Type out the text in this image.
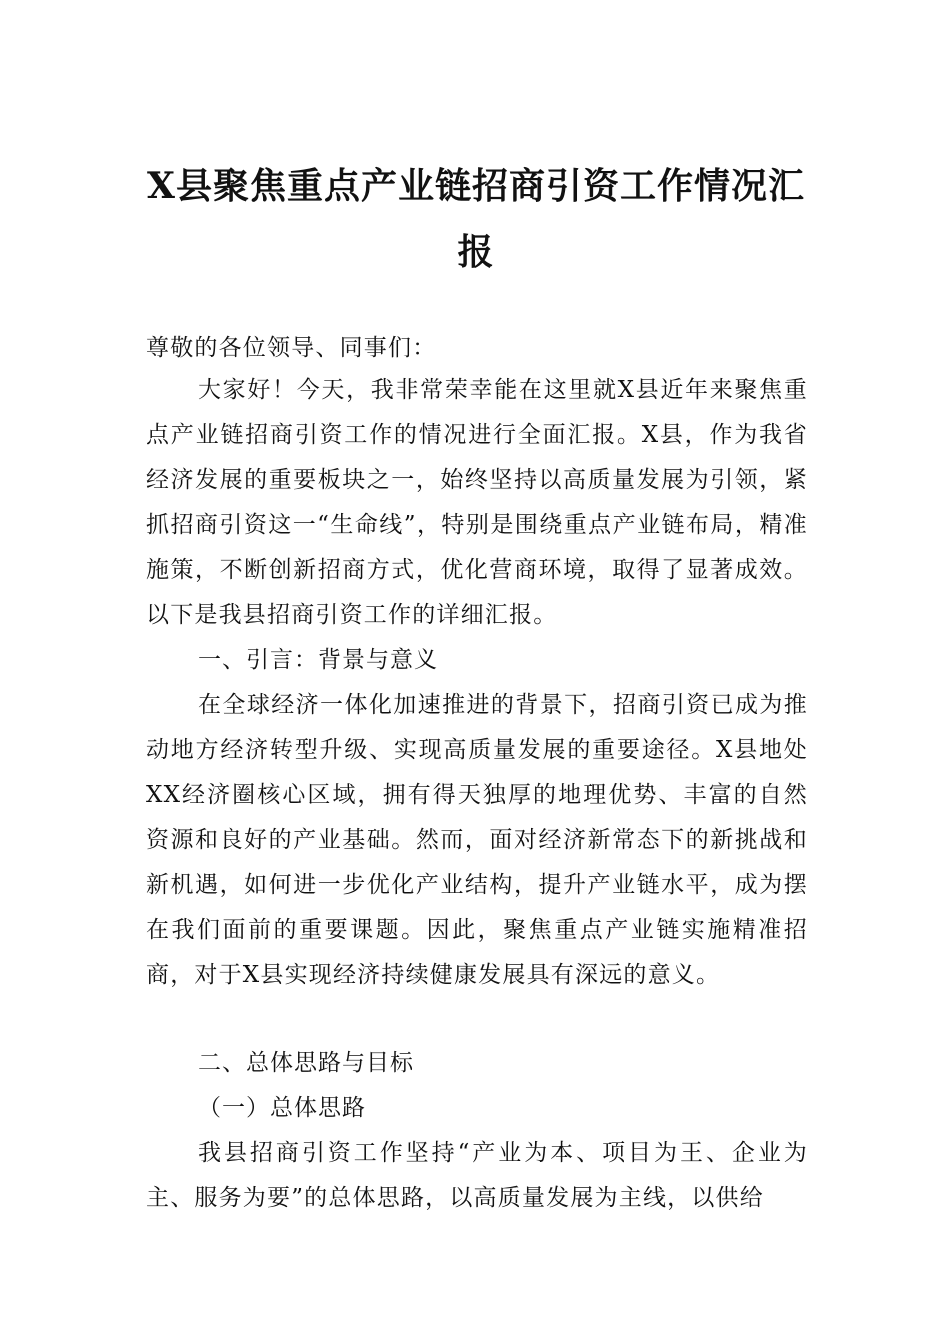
X县聚焦重点产业链招商引资工作情况汇
报

尊敬的各位领导、同事们：

大家好！今天，我非常荣幸能在这里就X县近年来聚焦重点产业链招商引资工作的情况进行全面汇报。X县，作为我省经济发展的重要板块之一，始终坚持以高质量发展为引领，紧抓招商引资这一“生命线”，特别是围绕重点产业链布局，精准施策，不断创新招商方式，优化营商环境，取得了显著成效。以下是我县招商引资工作的详细汇报。

一、引言：背景与意义

在全球经济一体化加速推进的背景下，招商引资已成为推动地方经济转型升级、实现高质量发展的重要途径。X县地处XX经济圈核心区域，拥有得天独厚的地理优势、丰富的自然资源和良好的产业基础。然而，面对经济新常态下的新挑战和新机遇，如何进一步优化产业结构，提升产业链水平，成为摆在我们面前的重要课题。因此，聚焦重点产业链实施精准招商，对于X县实现经济持续健康发展具有深远的意义。

二、总体思路与目标

（一）总体思路

我县招商引资工作坚持“产业为本、项目为王、企业为主、服务为要”的总体思路，以高质量发展为主线，以供给
